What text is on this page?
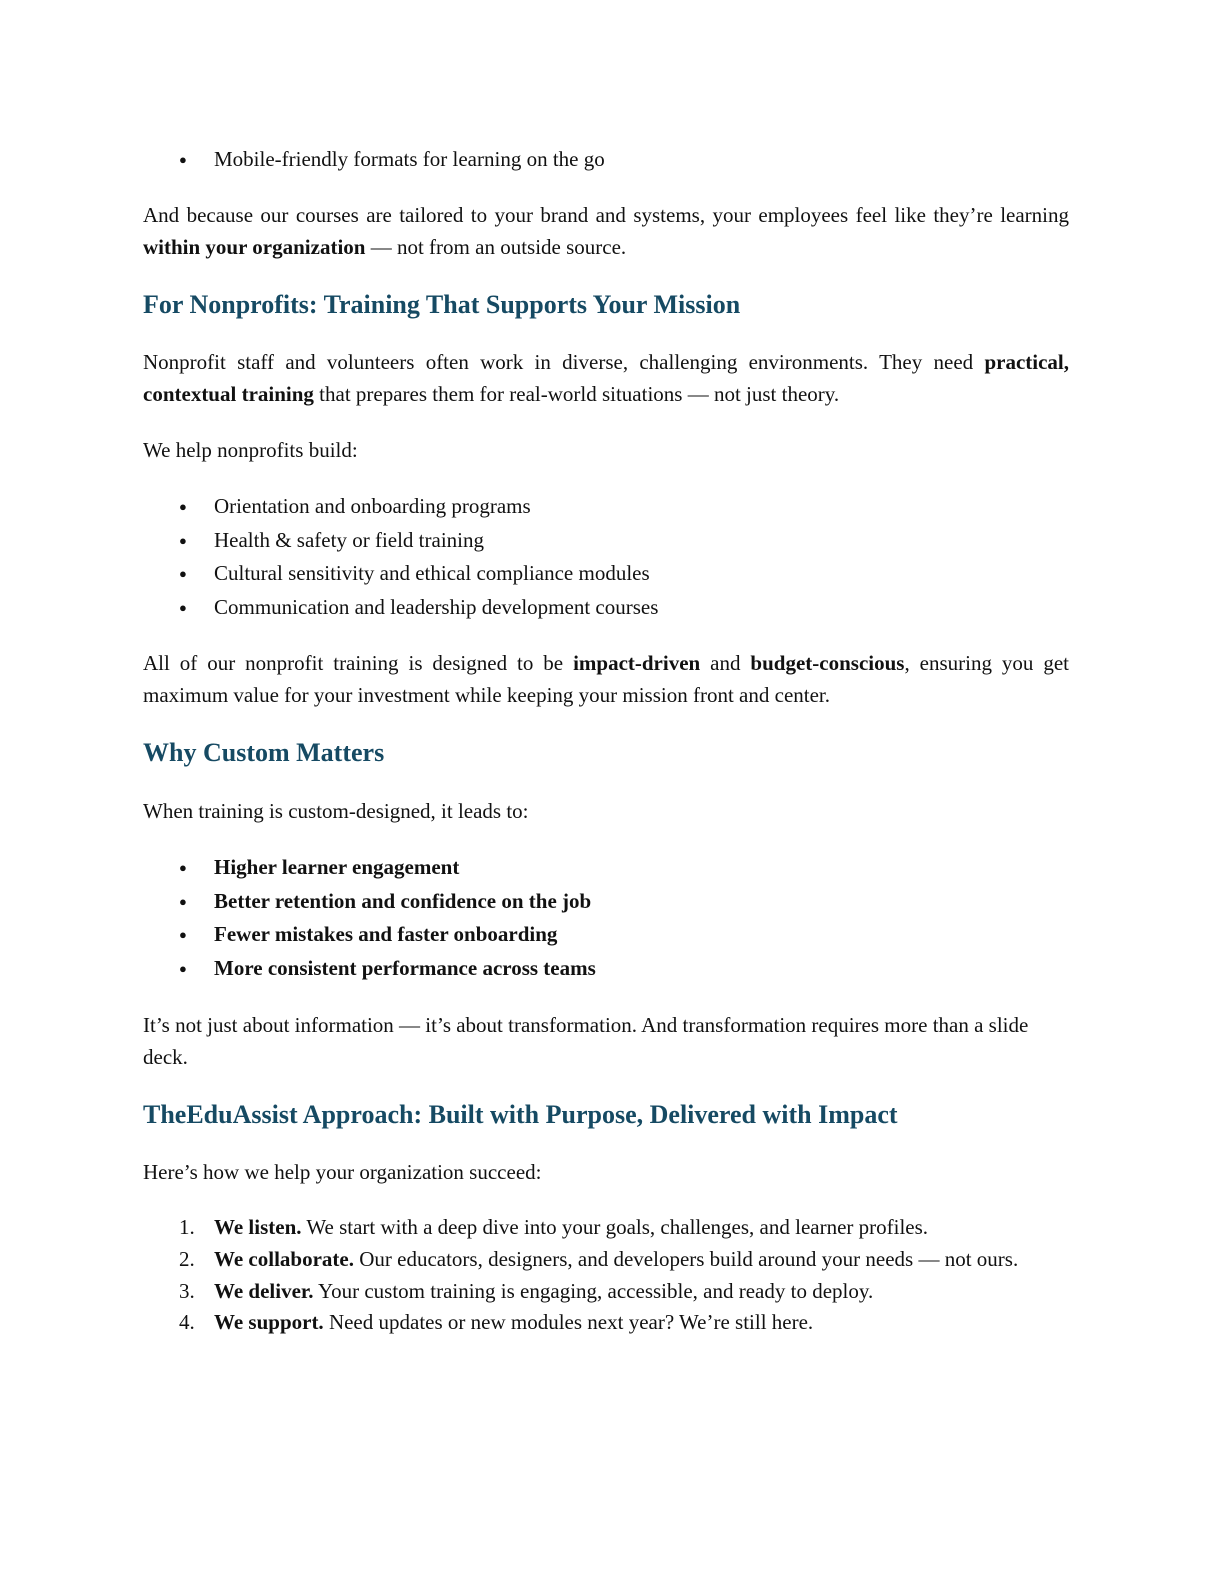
● Mobile-friendly formats for learning on the go

And because our courses are tailored to your brand and systems, your employees feel like they’re learning within your organization — not from an outside source.

For Nonprofits: Training That Supports Your Mission

Nonprofit staff and volunteers often work in diverse, challenging environments. They need practical, contextual training that prepares them for real-world situations — not just theory.

We help nonprofits build:

● Orientation and onboarding programs
● Health & safety or field training
● Cultural sensitivity and ethical compliance modules
● Communication and leadership development courses

All of our nonprofit training is designed to be impact-driven and budget-conscious, ensuring you get maximum value for your investment while keeping your mission front and center.

Why Custom Matters

When training is custom-designed, it leads to:

● Higher learner engagement
● Better retention and confidence on the job
● Fewer mistakes and faster onboarding
● More consistent performance across teams

It’s not just about information — it’s about transformation. And transformation requires more than a slide deck.

TheEduAssist Approach: Built with Purpose, Delivered with Impact

Here’s how we help your organization succeed:

1. We listen. We start with a deep dive into your goals, challenges, and learner profiles.
2. We collaborate. Our educators, designers, and developers build around your needs — not ours.
3. We deliver. Your custom training is engaging, accessible, and ready to deploy.
4. We support. Need updates or new modules next year? We’re still here.
